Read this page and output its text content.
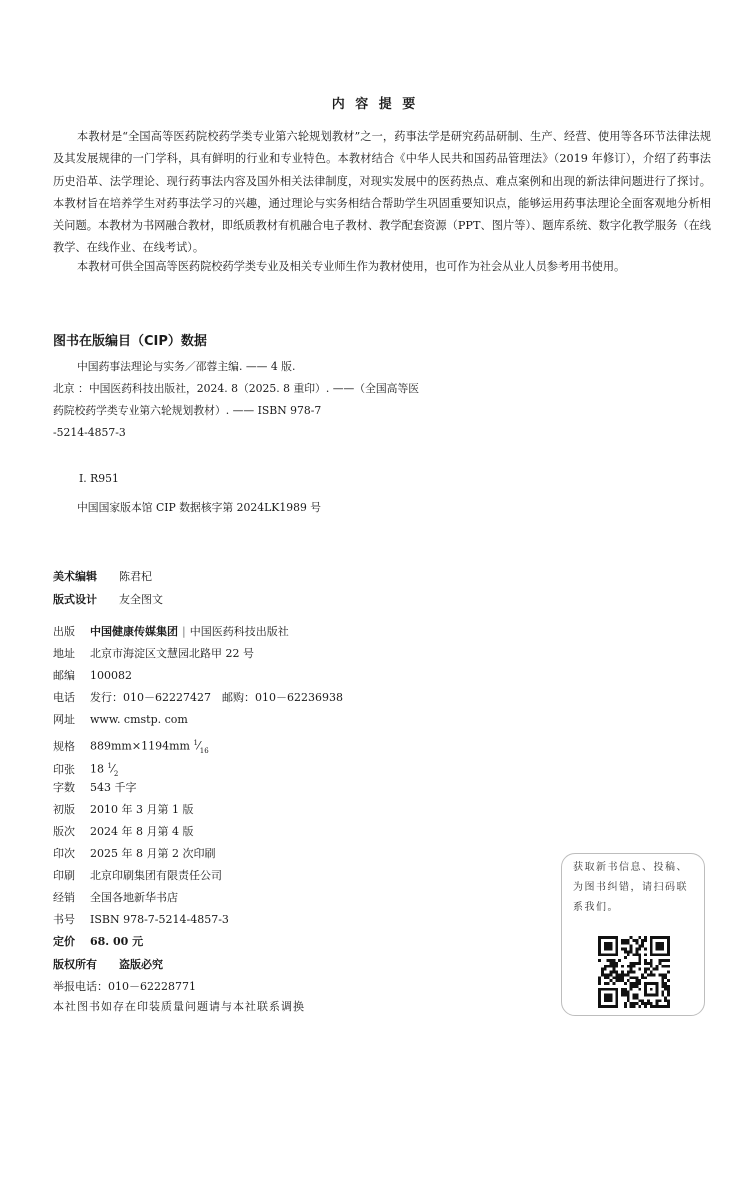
内 容 提 要
本教材是“全国高等医药院校药学类专业第六轮规划教材”之一，药事法学是研究药品研制、生产、经营、使用等各环节法律法规及其发展规律的一门学科，具有鲜明的行业和专业特色。本教材结合《中华人民共和国药品管理法》（2019 年修订），介绍了药事法历史沿革、法学理论、现行药事法内容及国外相关法律制度，对现实发展中的医药热点、难点案例和出现的新法律问题进行了探讨。本教材旨在培养学生对药事法学习的兴趣，通过理论与实务相结合帮助学生巩固重要知识点，能够运用药事法理论全面客观地分析相关问题。本教材为书网融合教材，即纸质教材有机融合电子教材、教学配套资源（PPT、图片等）、题库系统、数字化教学服务（在线教学、在线作业、在线考试）。
本教材可供全国高等医药院校药学类专业及相关专业师生作为教材使用，也可作为社会从业人员参考用书使用。
图书在版编目（CIP）数据
中国药事法理论与实务／邵蓉主编. —— 4 版.
北京 ：中国医药科技出版社，2024. 8（2025. 8 重印）. ——（全国高等医
药院校药学类专业第六轮规划教材）. —— ISBN 978-7
-5214-4857-3
Ⅰ. R951
中国国家版本馆 CIP 数据核字第 2024LK1989 号
美术编辑 陈君杞
版式设计 友全图文
出版 中国健康传媒集团 | 中国医药科技出版社
地址 北京市海淀区文慧园北路甲 22 号
邮编 100082
电话 发行：010－62227427　邮购：010－62236938
网址 www. cmstp. com
规格 889mm×1194mm $^1⁄_{16}$
印张 18 $^1⁄_2$
字数 543 千字
初版 2010 年 3 月第 1 版
版次 2024 年 8 月第 4 版
印次 2025 年 8 月第 2 次印刷
印刷 北京印刷集团有限责任公司
经销 全国各地新华书店
书号 ISBN 978-7-5214-4857-3
定价 68. 00 元
版权所有 盗版必究
举报电话：010－62228771
本社图书如存在印装质量问题请与本社联系调换
获取新书信息、投稿、为图书纠错，请扫码联系我们。
